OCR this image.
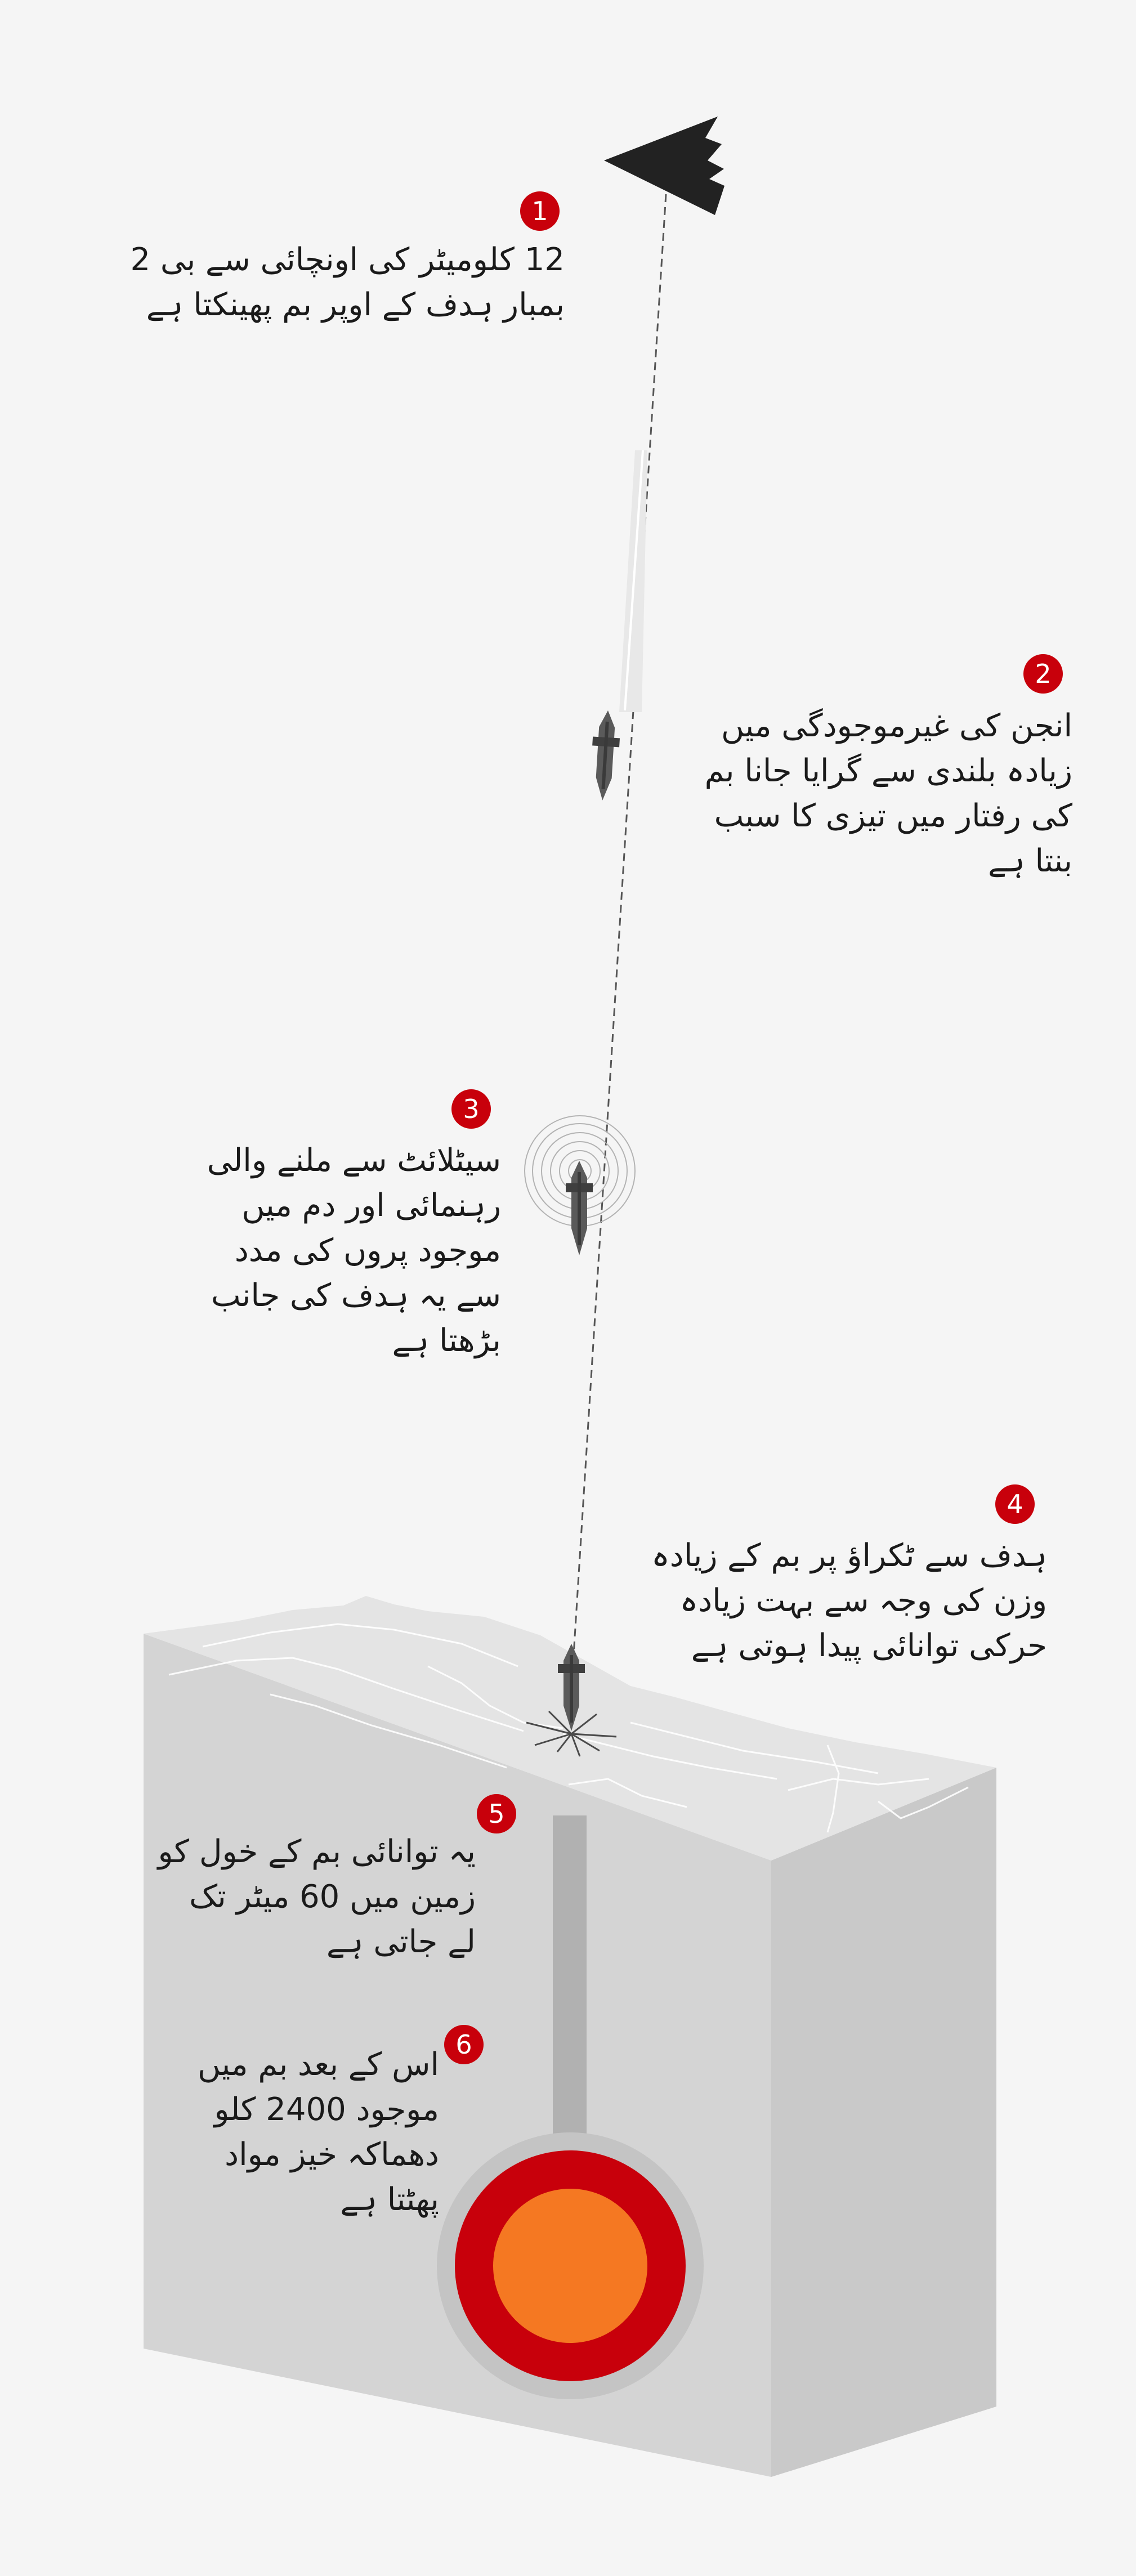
1
12 کلومیٹر کی اونچائی سے بی 2
بمبار ہدف کے اوپر بم پھینکتا ہے
2
انجن کی غیرموجودگی میں
زیادہ بلندی سے گرایا جانا بم
کی رفتار میں تیزی کا سبب
بنتا ہے
3
سیٹلائٹ سے ملنے والی
رہنمائی اور دم میں
موجود پروں کی مدد
سے یہ ہدف کی جانب
بڑھتا ہے
4
ہدف سے ٹکراؤ پر بم کے زیادہ
وزن کی وجہ سے بہت زیادہ
حرکی توانائی پیدا ہوتی ہے
5
یہ توانائی بم کے خول کو
زمین میں 60 میٹر تک
لے جاتی ہے
6
اس کے بعد بم میں
موجود 2400 کلو
دھماکہ خیز مواد
پھٹتا ہے
